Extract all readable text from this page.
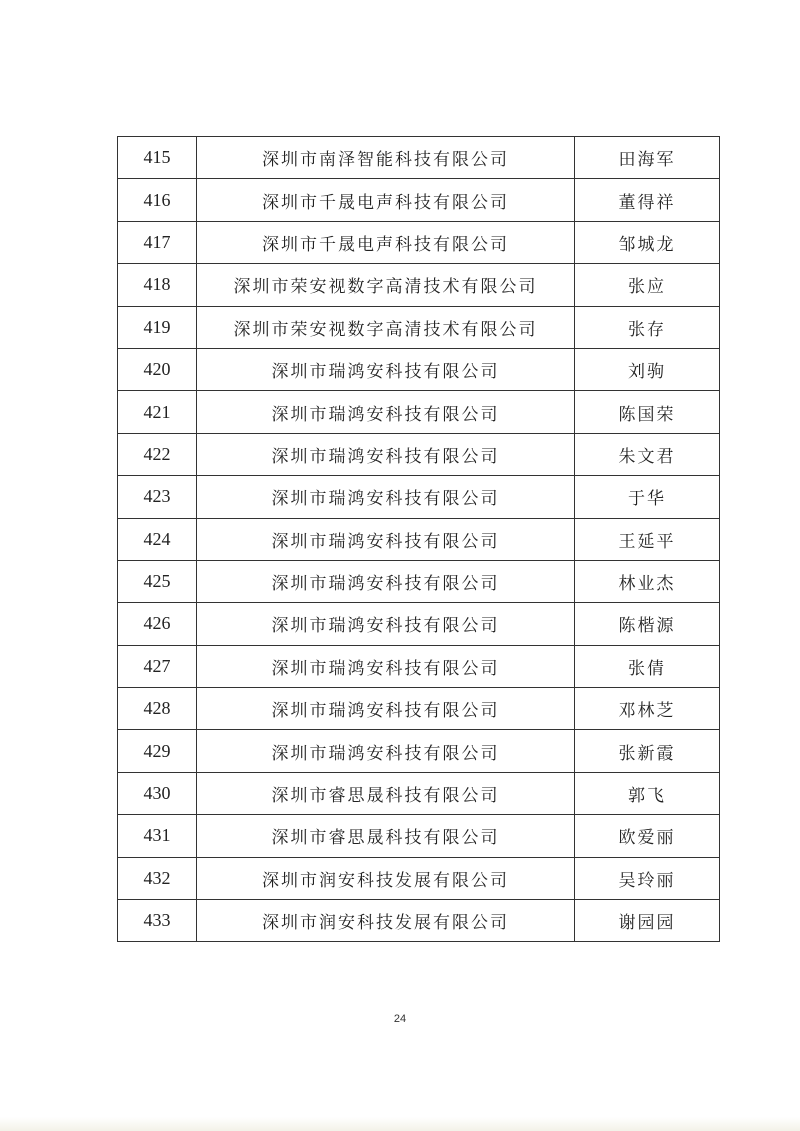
415	深圳市南泽智能科技有限公司	田海军
416	深圳市千晟电声科技有限公司	董得祥
417	深圳市千晟电声科技有限公司	邹城龙
418	深圳市荣安视数字高清技术有限公司	张应
419	深圳市荣安视数字高清技术有限公司	张存
420	深圳市瑞鸿安科技有限公司	刘驹
421	深圳市瑞鸿安科技有限公司	陈国荣
422	深圳市瑞鸿安科技有限公司	朱文君
423	深圳市瑞鸿安科技有限公司	于华
424	深圳市瑞鸿安科技有限公司	王延平
425	深圳市瑞鸿安科技有限公司	林业杰
426	深圳市瑞鸿安科技有限公司	陈楷源
427	深圳市瑞鸿安科技有限公司	张倩
428	深圳市瑞鸿安科技有限公司	邓林芝
429	深圳市瑞鸿安科技有限公司	张新霞
430	深圳市睿思晟科技有限公司	郭飞
431	深圳市睿思晟科技有限公司	欧爱丽
432	深圳市润安科技发展有限公司	吴玲丽
433	深圳市润安科技发展有限公司	谢园园
24
